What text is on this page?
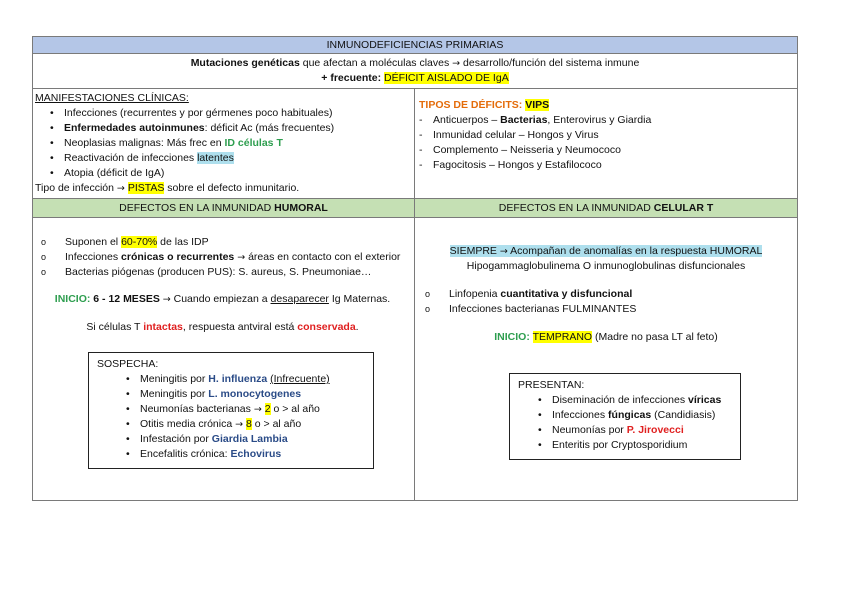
INMUNODEFICIENCIAS PRIMARIAS
Mutaciones genéticas que afectan a moléculas claves → desarrollo/función del sistema inmune
+ frecuente: DÉFICIT AISLADO DE IgA
MANIFESTACIONES CLÍNICAS:
• Infecciones (recurrentes y por gérmenes poco habituales)
• Enfermedades autoinmunes: déficit Ac (más frecuentes)
• Neoplasias malignas: Más frec en ID células T
• Reactivación de infecciones latentes
• Atopia (déficit de IgA)
Tipo de infección → PISTAS sobre el defecto inmunitario.
TIPOS DE DÉFICITS: VIPS
- Anticuerpos – Bacterias, Enterovirus y Giardia
- Inmunidad celular – Hongos y Virus
- Complemento – Neisseria y Neumococo
- Fagocitosis – Hongos y Estafilococo
DEFECTOS EN LA INMUNIDAD HUMORAL	DEFECTOS EN LA INMUNIDAD CELULAR T
o Suponen el 60-70% de las IDP
o Infecciones crónicas o recurrentes → áreas en contacto con el exterior
o Bacterias piógenas (producen PUS): S. aureus, S. Pneumoniae…
INICIO: 6 - 12 MESES → Cuando empiezan a desaparecer Ig Maternas.
Si células T intactas, respuesta antviral está conservada.
SOSPECHA:
• Meningitis por H. influenza (Infrecuente)
• Meningitis por L. monocytogenes
• Neumonías bacterianas → 2 o > al año
• Otitis media crónica → 8 o > al año
• Infestación por Giardia Lambia
• Encefalitis crónica: Echovirus
SIEMPRE → Acompañan de anomalías en la respuesta HUMORAL
Hipogammaglobulinema O inmunoglobulinas disfuncionales
o Linfopenia cuantitativa y disfuncional
o Infecciones bacterianas FULMINANTES
INICIO: TEMPRANO (Madre no pasa LT al feto)
PRESENTAN:
• Diseminación de infecciones víricas
• Infecciones fúngicas (Candidiasis)
• Neumonías por P. Jirovecci
• Enteritis por Cryptosporidium
